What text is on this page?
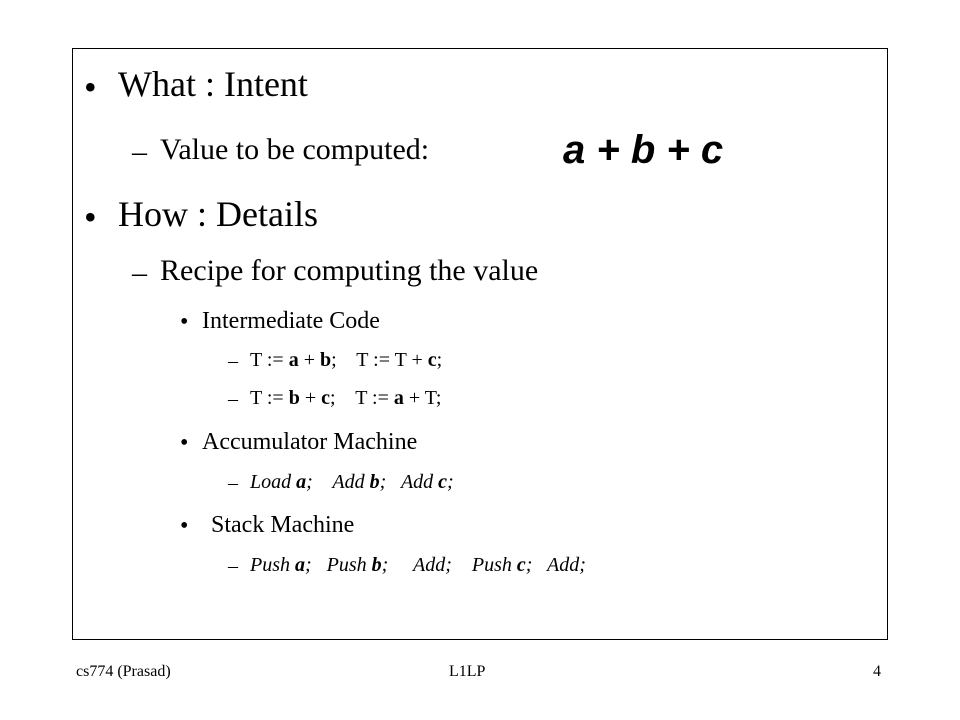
• What : Intent
– Value to be computed:	a + b + c
• How : Details
– Recipe for computing the value
• Intermediate Code
– T := a + b;    T := T + c;
– T := b + c;    T := a + T;
• Accumulator Machine
– Load a;    Add b;   Add c;
• Stack Machine
– Push a;   Push b;     Add;    Push c;   Add;
cs774 (Prasad)	L1LP	4
